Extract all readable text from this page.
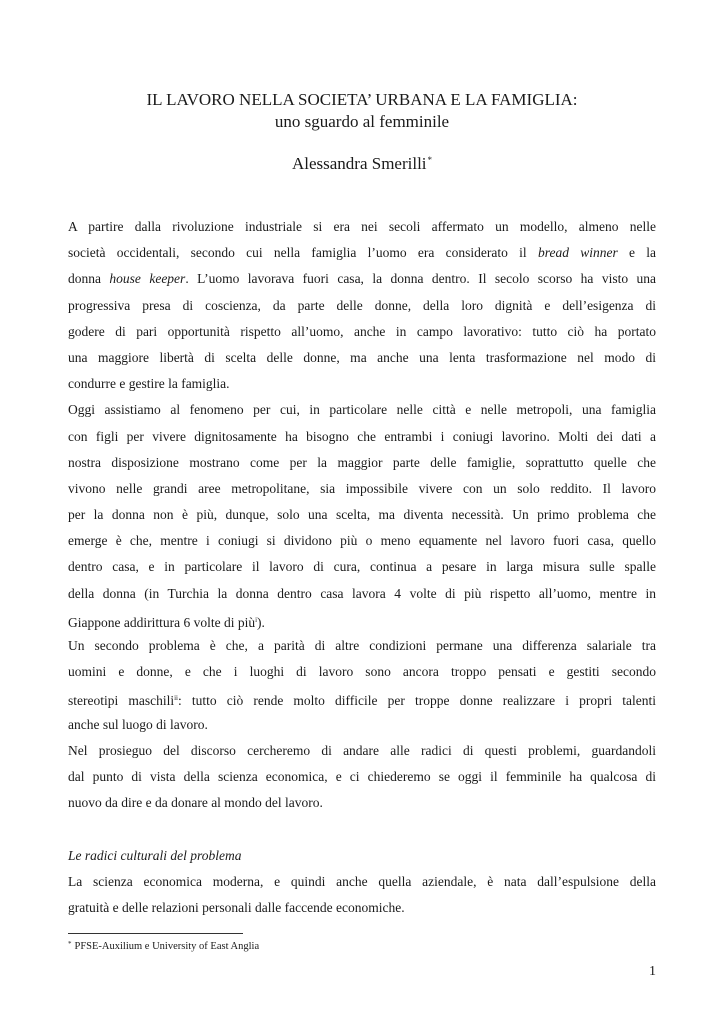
IL LAVORO NELLA SOCIETA’ URBANA E LA FAMIGLIA:
uno sguardo al femminile
Alessandra Smerilli*
A partire dalla rivoluzione industriale si era nei secoli affermato un modello, almeno nelle
società occidentali, secondo cui nella famiglia l’uomo era considerato il bread winner e la
donna house keeper. L’uomo lavorava fuori casa, la donna dentro. Il secolo scorso ha visto una
progressiva presa di coscienza, da parte delle donne, della loro dignità e dell’esigenza di
godere di pari opportunità rispetto all’uomo, anche in campo lavorativo: tutto ciò ha portato
una maggiore libertà di scelta delle donne, ma anche una lenta trasformazione nel modo di
condurre e gestire la famiglia.
Oggi assistiamo al fenomeno per cui, in particolare nelle città e nelle metropoli, una famiglia
con figli per vivere dignitosamente ha bisogno che entrambi i coniugi lavorino. Molti dei dati a
nostra disposizione mostrano come per la maggior parte delle famiglie, soprattutto quelle che
vivono nelle grandi aree metropolitane, sia impossibile vivere con un solo reddito. Il lavoro
per la donna non è più, dunque, solo una scelta, ma diventa necessità. Un primo problema che
emerge è che, mentre i coniugi si dividono più o meno equamente nel lavoro fuori casa, quello
dentro casa, e in particolare il lavoro di cura, continua a pesare in larga misura sulle spalle
della donna (in Turchia la donna dentro casa lavora 4 volte di più rispetto all’uomo, mentre in
Giappone addirittura 6 volte di più$^i$).
Un secondo problema è che, a parità di altre condizioni permane una differenza salariale tra
uomini e donne, e che i luoghi di lavoro sono ancora troppo pensati e gestiti secondo
stereotipi maschili$^{ii}$: tutto ciò rende molto difficile per troppe donne realizzare i propri talenti
anche sul luogo di lavoro.
Nel prosieguo del discorso cercheremo di andare alle radici di questi problemi, guardandoli
dal punto di vista della scienza economica, e ci chiederemo se oggi il femminile ha qualcosa di
nuovo da dire e da donare al mondo del lavoro.
Le radici culturali del problema
La scienza economica moderna, e quindi anche quella aziendale, è nata dall’espulsione della
gratuità e delle relazioni personali dalle faccende economiche.
* PFSE-Auxilium e University of East Anglia
1
